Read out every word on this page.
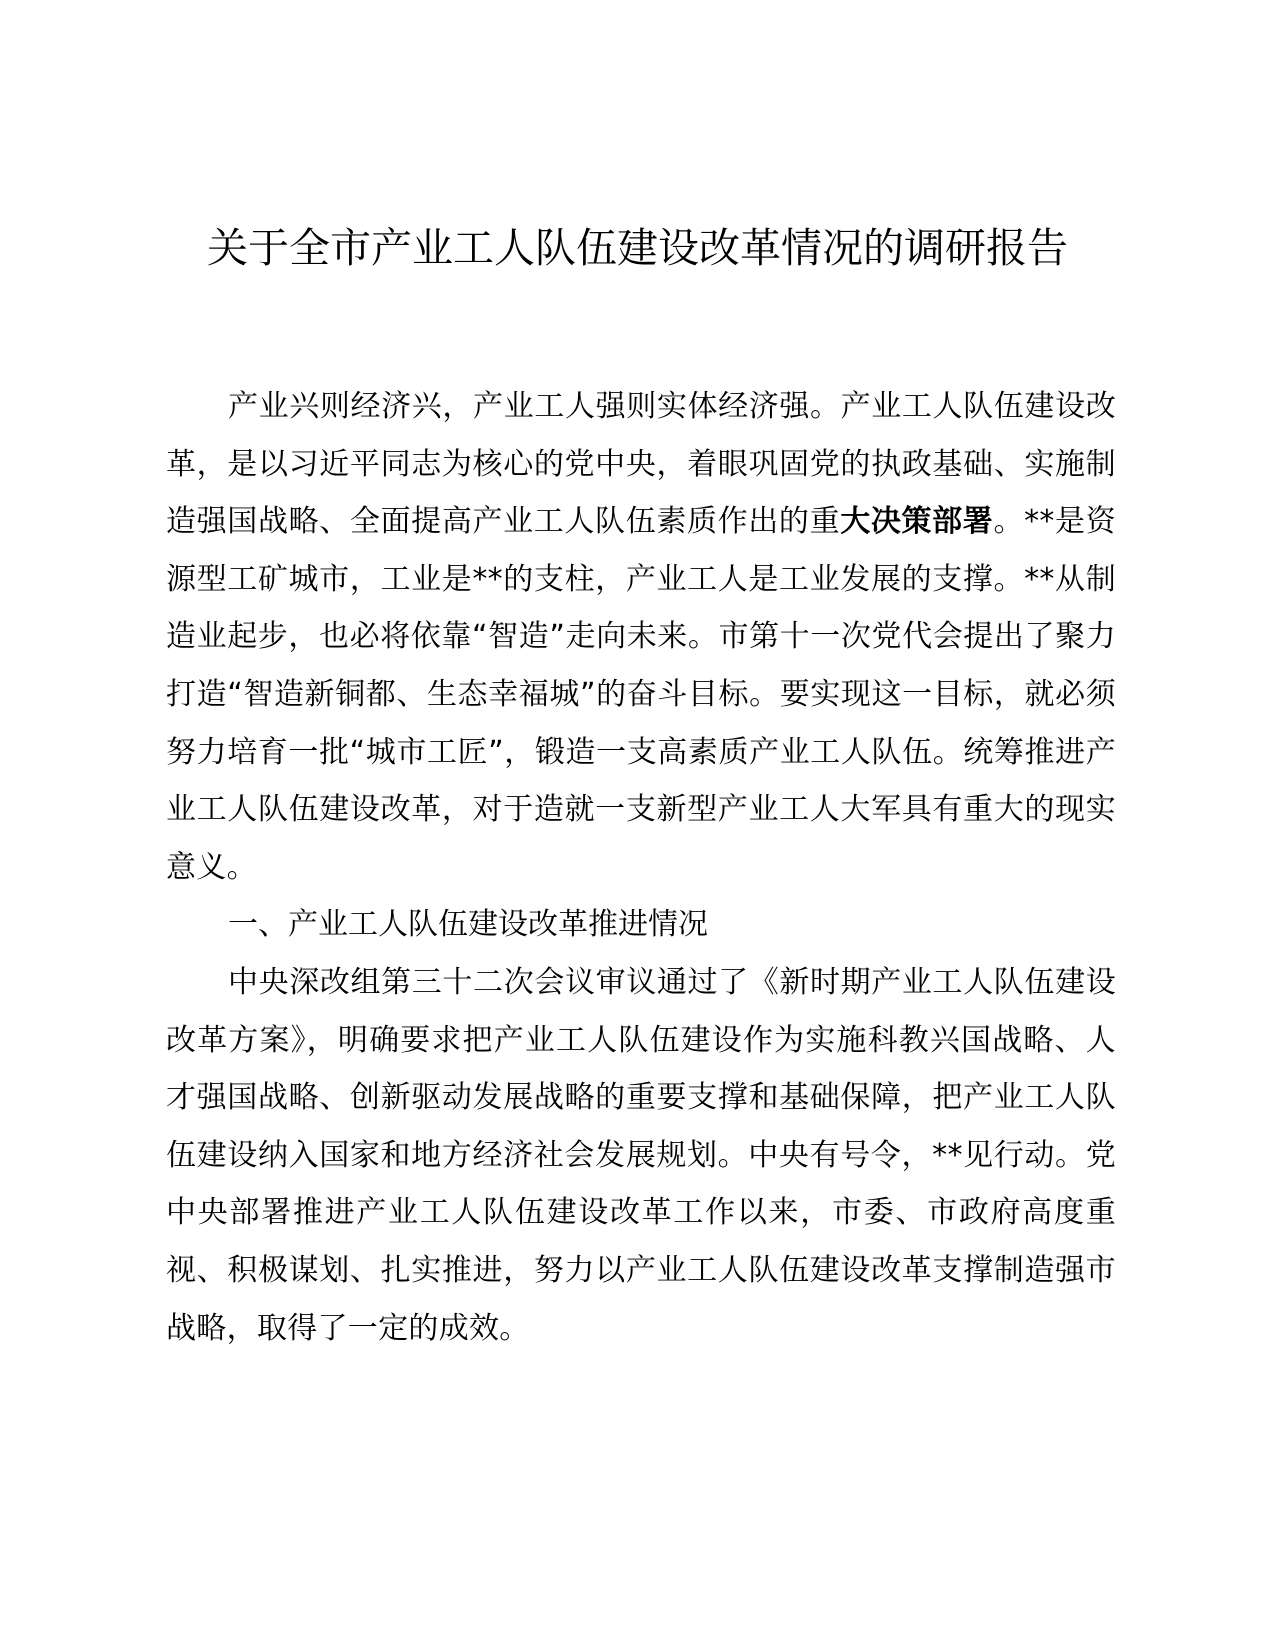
关于全市产业工人队伍建设改革情况的调研报告

产业兴则经济兴，产业工人强则实体经济强。产业工人队伍建设改革，是以习近平同志为核心的党中央，着眼巩固党的执政基础、实施制造强国战略、全面提高产业工人队伍素质作出的重大决策部署。**是资源型工矿城市，工业是**的支柱，产业工人是工业发展的支撑。**从制造业起步，也必将依靠“智造”走向未来。市第十一次党代会提出了聚力打造“智造新铜都、生态幸福城”的奋斗目标。要实现这一目标，就必须努力培育一批“城市工匠”，锻造一支高素质产业工人队伍。统筹推进产业工人队伍建设改革，对于造就一支新型产业工人大军具有重大的现实意义。

一、产业工人队伍建设改革推进情况

中央深改组第三十二次会议审议通过了《新时期产业工人队伍建设改革方案》，明确要求把产业工人队伍建设作为实施科教兴国战略、人才强国战略、创新驱动发展战略的重要支撑和基础保障，把产业工人队伍建设纳入国家和地方经济社会发展规划。中央有号令，**见行动。党中央部署推进产业工人队伍建设改革工作以来，市委、市政府高度重视、积极谋划、扎实推进，努力以产业工人队伍建设改革支撑制造强市战略，取得了一定的成效。
